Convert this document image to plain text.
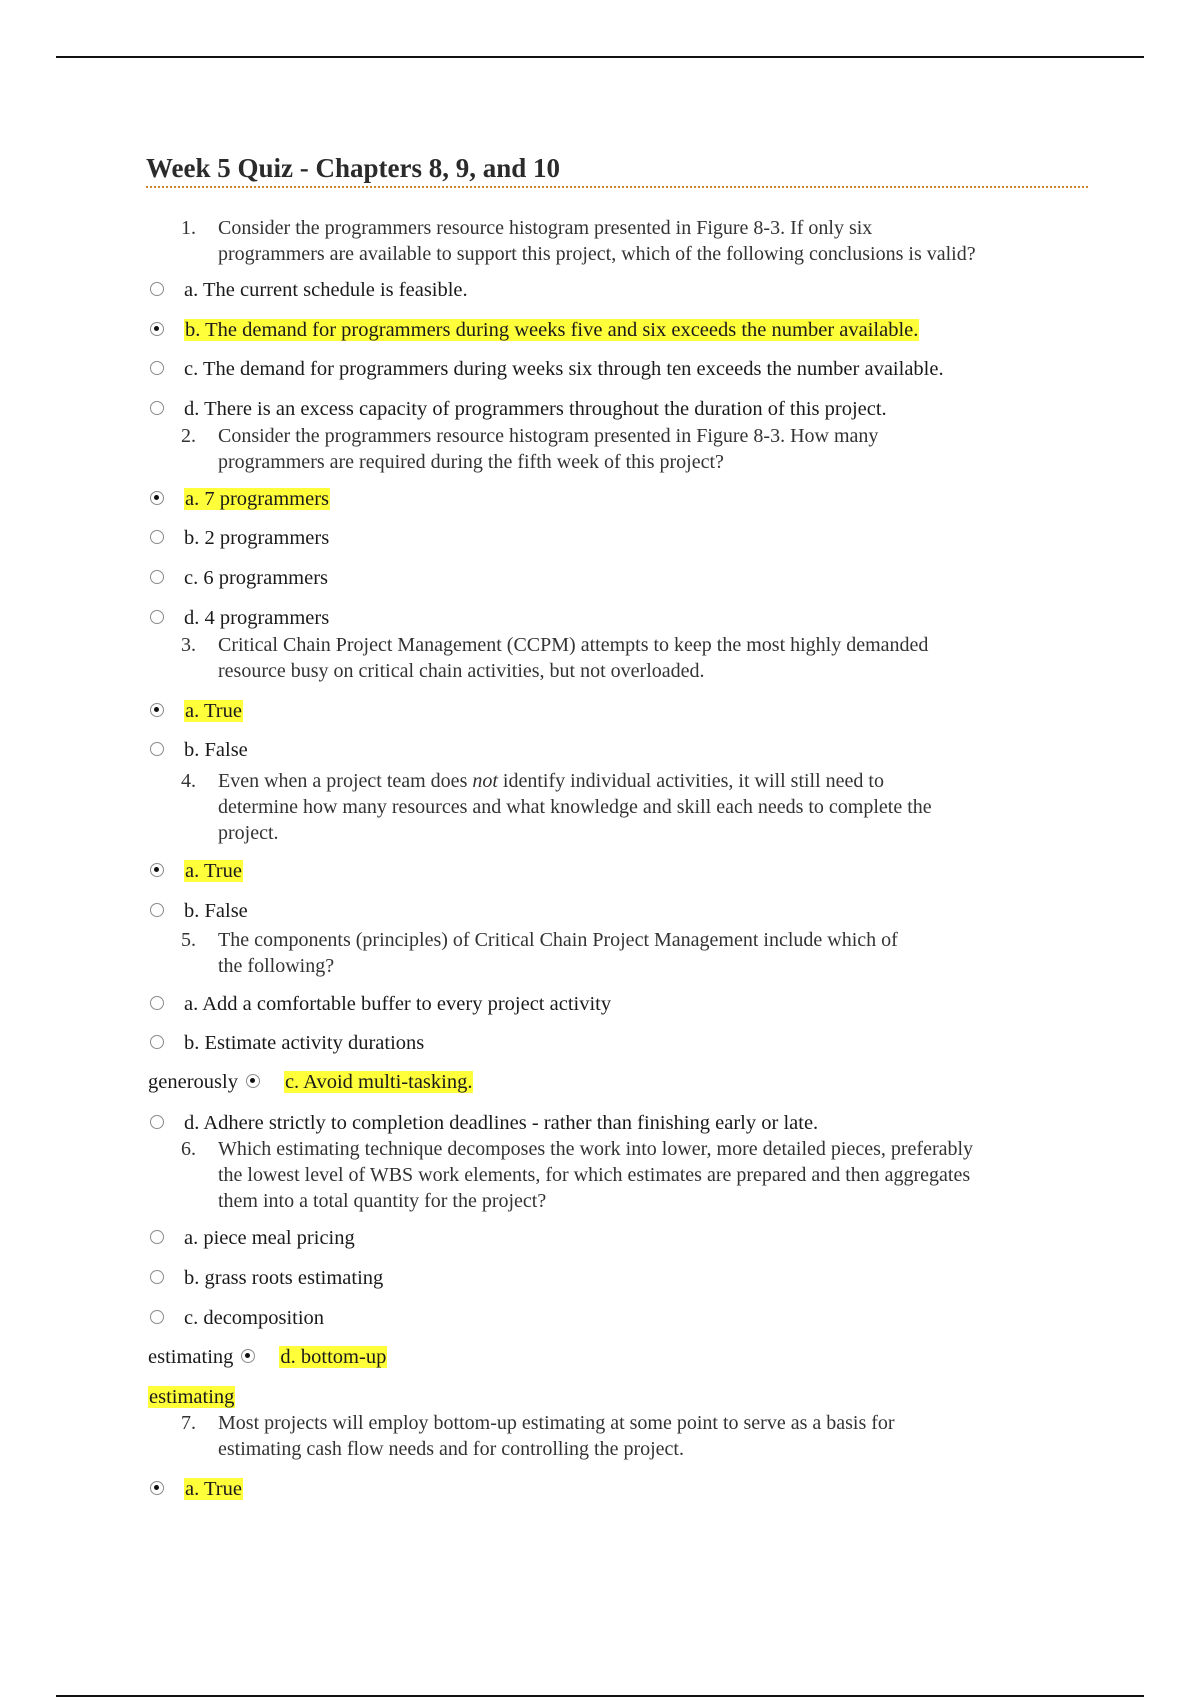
Week 5 Quiz - Chapters 8, 9, and 10
1.	Consider the programmers resource histogram presented in Figure 8-3. If only six
programmers are available to support this project, which of the following conclusions is valid?
a. The current schedule is feasible.
b. The demand for programmers during weeks five and six exceeds the number available.
c. The demand for programmers during weeks six through ten exceeds the number available.
d. There is an excess capacity of programmers throughout the duration of this project.
2.	Consider the programmers resource histogram presented in Figure 8-3. How many
programmers are required during the fifth week of this project?
a. 7 programmers
b. 2 programmers
c. 6 programmers
d. 4 programmers
3.	Critical Chain Project Management (CCPM) attempts to keep the most highly demanded
resource busy on critical chain activities, but not overloaded.
a. True
b. False
4.	Even when a project team does not identify individual activities, it will still need to
determine how many resources and what knowledge and skill each needs to complete the
project.
a. True
b. False
5.	The components (principles) of Critical Chain Project Management include which of
the following?
a. Add a comfortable buffer to every project activity
b. Estimate activity durations
generously c. Avoid multi-tasking.
d. Adhere strictly to completion deadlines - rather than finishing early or late.
6.	Which estimating technique decomposes the work into lower, more detailed pieces, preferably
the lowest level of WBS work elements, for which estimates are prepared and then aggregates
them into a total quantity for the project?
a. piece meal pricing
b. grass roots estimating
c. decomposition
estimating d. bottom-up
estimating
7.	Most projects will employ bottom-up estimating at some point to serve as a basis for
estimating cash flow needs and for controlling the project.
a. True
